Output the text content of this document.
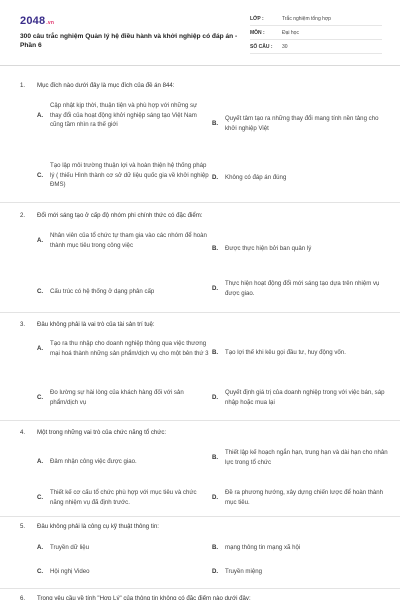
2048.vn
300 câu trắc nghiệm Quản lý hệ điều hành và khởi nghiệp có đáp án - Phần 6
LỚP :	Trắc nghiệm tổng hợp
MÔN :	Đại học
SỐ CÂU :	30
1. Mục đích nào dưới đây là mục đích của đề án 844:
A.
Cập nhật kịp thời, thuận tiện và phù hợp với những sự thay đổi của hoạt động khởi nghiệp sáng tạo Việt Nam cũng tầm nhìn ra thế giới	B.
Quyết tâm tạo ra những thay đổi mang tính nền tảng cho khởi nghiệp Việt
C.
Tạo lập môi trường thuận lợi và hoàn thiện hệ thống pháp lý ( thiếu Hình thành cơ sở dữ liệu quốc gia về khởi nghiệp ĐMS)
D.	Không có đáp án đúng
2. Đổi mới sáng tạo ở cấp độ nhóm phi chính thức có đặc điểm:
A.
Nhân viên của tổ chức tự tham gia vào các nhóm để hoàn thành mục tiêu trong công việc	B.	Được thực hiện bởi ban quản lý
C.	Cấu trúc có hệ thống ở dạng phân cấp	D.
Thực hiện hoạt động đổi mới sáng tạo dựa trên nhiệm vụ được giao.
3. Đâu không phải là vai trò của tài sản trí tuệ:
A.
Tạo ra thu nhập cho doanh nghiệp thông qua việc thương mại hoá thành những sản phẩm/dịch vụ cho một bên thứ 3 B.	Tạo lợi thế khi kêu gọi đầu tư, huy động vốn.
C.
Đo lường sự hài lòng của khách hàng đối với sản phẩm/dịch vụ
D.
Quyết định giá trị của doanh nghiệp trong với việc bán, sáp nhập hoặc mua lại
4. Một trong những vai trò của chức năng tổ chức:
A.	Đảm nhận công việc được giao.
B.
Thiết lập kế hoạch ngắn hạn, trung hạn và dài hạn cho nhân lực trong tổ chức
C.
Thiết kế cơ cấu tổ chức phù hợp với mục tiêu và chức năng nhiệm vụ đã định trước.
D.
Đề ra phương hướng, xây dựng chiến lược để hoàn thành mục tiêu.
5. Đâu không phải là công cụ kỹ thuật thông tin:
A.	Truyền dữ liệu	B.	mạng thông tin mạng xã hội
C.	Hội nghị Video	D.	Truyền miệng
6. Trong yêu cầu về tính "Hợp Lý" của thông tin không có đặc điểm nào dưới đây:
